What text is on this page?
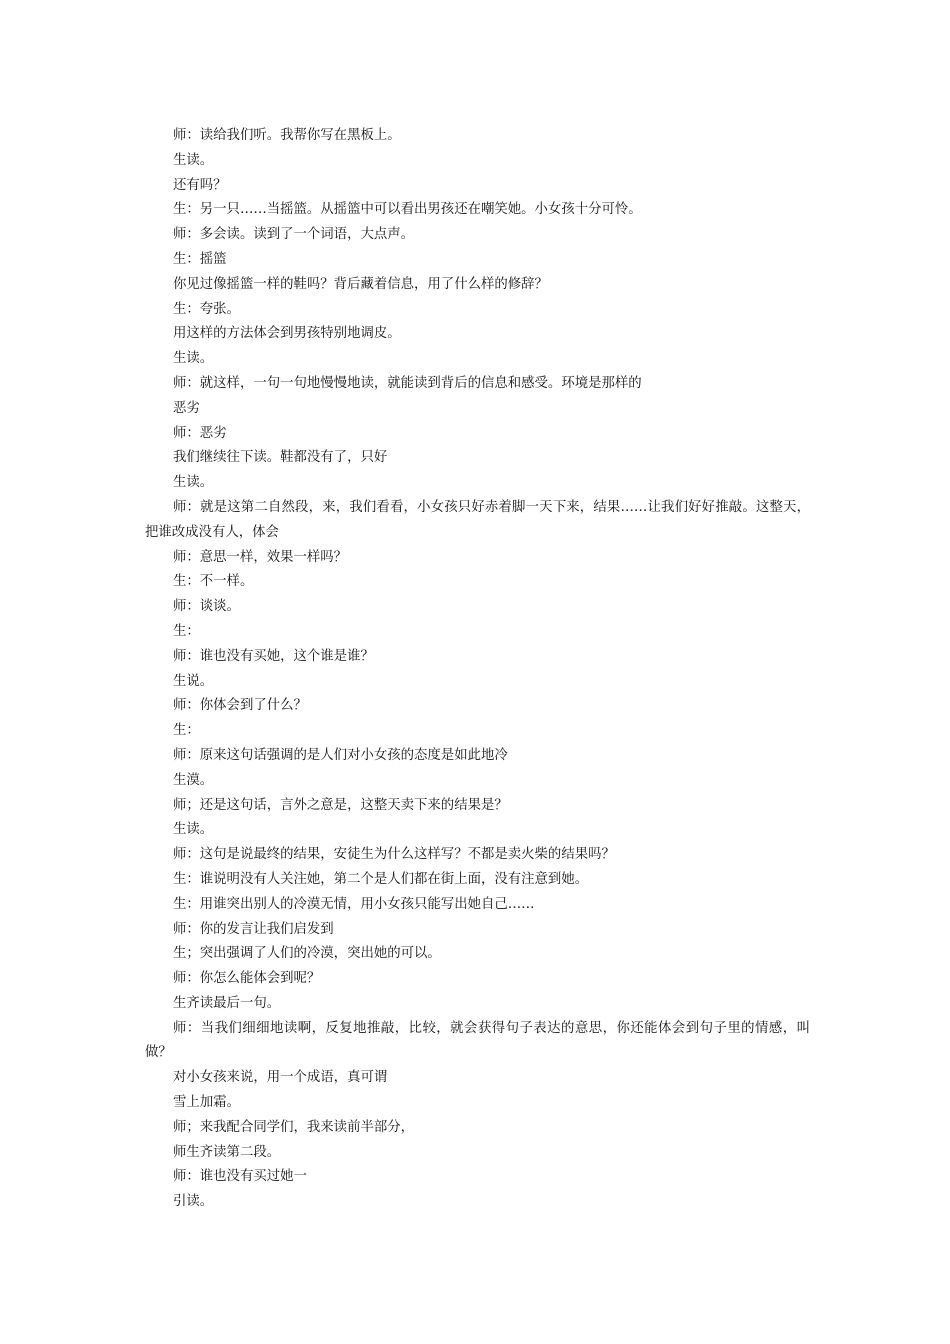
师：读给我们听。我帮你写在黑板上。

生读。

还有吗？

生：另一只……当摇篮。从摇篮中可以看出男孩还在嘲笑她。小女孩十分可怜。

师：多会读。读到了一个词语，大点声。

生：摇篮

你见过像摇篮一样的鞋吗？背后藏着信息，用了什么样的修辞？

生：夸张。

用这样的方法体会到男孩特别地调皮。

生读。

师：就这样，一句一句地慢慢地读，就能读到背后的信息和感受。环境是那样的

恶劣

师：恶劣

我们继续往下读。鞋都没有了，只好

生读。

师：就是这第二自然段，来，我们看看，小女孩只好赤着脚一天下来，结果……让我们好好推敲。这整天，把谁改成没有人，体会

师：意思一样，效果一样吗？

生：不一样。

师：谈谈。

生：

师：谁也没有买她，这个谁是谁？

生说。

师：你体会到了什么？

生：

师：原来这句话强调的是人们对小女孩的态度是如此地冷

生漠。

师；还是这句话，言外之意是，这整天卖下来的结果是？

生读。

师：这句是说最终的结果，安徒生为什么这样写？不都是卖火柴的结果吗？

生：谁说明没有人关注她，第二个是人们都在街上面，没有注意到她。

生：用谁突出别人的冷漠无情，用小女孩只能写出她自己……

师：你的发言让我们启发到

生；突出强调了人们的冷漠，突出她的可以。

师：你怎么能体会到呢？

生齐读最后一句。

师：当我们细细地读啊，反复地推敲，比较，就会获得句子表达的意思，你还能体会到句子里的情感，叫做？

对小女孩来说，用一个成语，真可谓

雪上加霜。

师；来我配合同学们，我来读前半部分，

师生齐读第二段。

师：谁也没有买过她一

引读。
